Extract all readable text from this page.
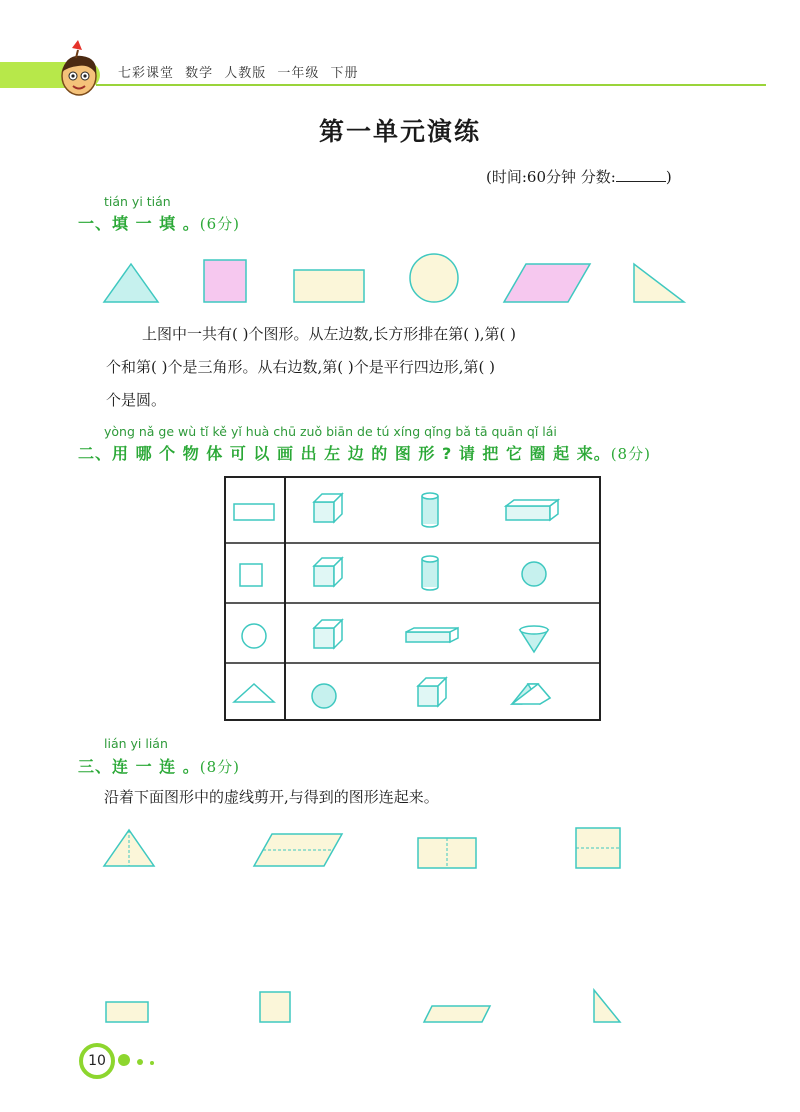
七彩课堂 数学 人教版 一年级 下册
第一单元演练
(时间:60分钟 分数:	)
tián yi tián
一、填 一 填 。(6分)
上图中一共有( )个图形。从左边数,长方形排在第( ),第( )
个和第( )个是三角形。从右边数,第( )个是平行四边形,第( )
个是圆。
yòng nǎ ge wù tǐ kě yǐ huà chū zuǒ biān de tú xíng qǐng bǎ tā quān qǐ lái
二、用 哪 个 物 体 可 以 画 出 左 边 的 图 形 ? 请 把 它 圈 起 来。(8分)
lián yi lián
三、连 一 连 。(8分)
沿着下面图形中的虚线剪开,与得到的图形连起来。
10
